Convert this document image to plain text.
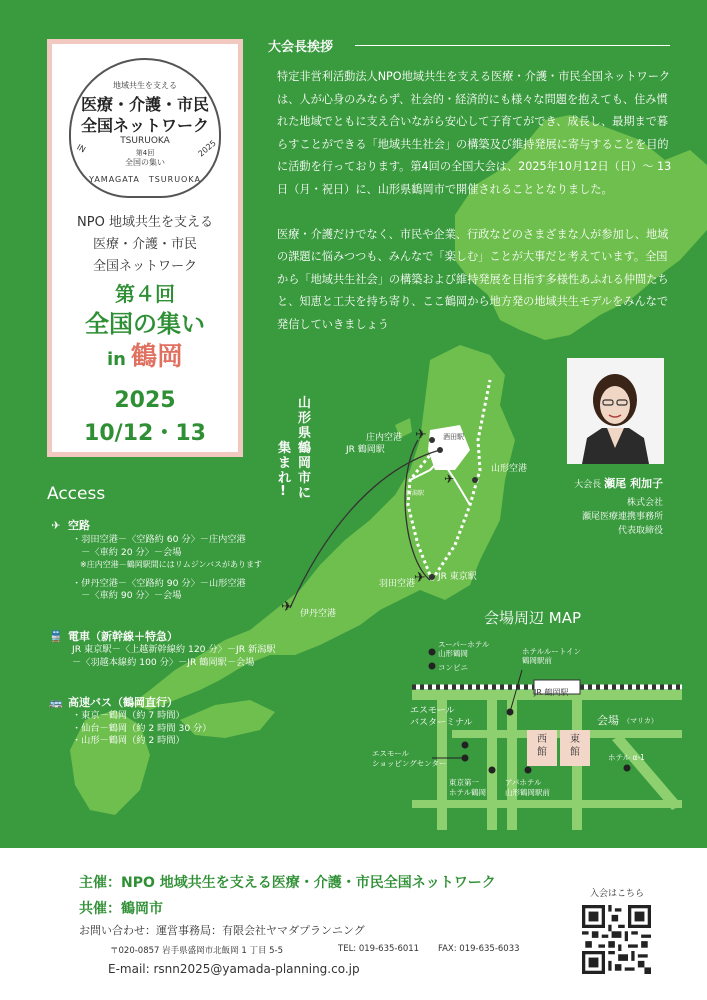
✈
✈
✈
✈
庄内空港
JR 鶴岡駅
山形空港
羽田空港
JR 東京駅
伊丹空港
酒田駅
新潟駅
地域共生を支える
医療・介護・市民
全国ネットワーク
TSURUOKA
第4回
全国の集い
IN	2025
YAMAGATA　TSURUOKA
NPO 地域共生を支える
医療・介護・市民
全国ネットワーク
第４回
全国の集い
in 鶴岡
2025
10/12・13
大会長挨拶

特定非営利活動法人NPO地域共生を支える医療・介護・市民全国ネットワークは、人が心身のみならず、社会的・経済的にも様々な問題を抱えても、住み慣れた地域でともに支え合いながら安心して子育てができ、成長し、最期まで暮らすことができる「地域共生社会」の構築及び維持発展に寄与することを目的に活動を行っております。第4回の全国大会は、2025年10月12日（日）～ 13 日（月・祝日）に、山形県鶴岡市で開催されることとなりました。

医療・介護だけでなく、市民や企業、行政などのさまざまな人が参加し、地域の課題に悩みつつも、みんなで「楽しむ」ことが大事だと考えています。全国から「地域共生社会」の構築および維持発展を目指す多様性あふれる仲間たちと、知恵と工夫を持ち寄り、ここ鶴岡から地方発の地域共生モデルをみんなで発信していきましょう

大会長 瀬尾 利加子
株式会社
瀬尾医療連携事務所
代表取締役
山
形
県
鶴
岡
市
に
集
ま
れ
!
Access
✈ 空路
・羽田空港－〈空路約 60 分〉－庄内空港
　－〈車約 20 分〉－会場
　※庄内空港－鶴岡駅間にはリムジンバスがあります
・伊丹空港－〈空路約 90 分〉－山形空港
　－〈車約 90 分〉－会場
🚆 電車（新幹線＋特急）
JR 東京駅－〈上越新幹線約 120 分〉－JR 新潟駅
－〈羽越本線約 100 分〉－JR 鶴岡駅－会場
🚌 高速バス（鶴岡直行）
・東京－鶴岡（約 7 時間）
・仙台－鶴岡（約 2 時間 30 分）
・山形－鶴岡（約 2 時間）
会場周辺 MAP
JR 鶴岡駅
スーパーホテル
山形鶴岡
コンビニ
ホテルルートイン
鶴岡駅前
エスモール
バスターミナル
エスモール
ショッピングセンター
東京第一
ホテル鶴岡
アパホテル
山形鶴岡駅前
会場 （マリカ）
西
館
東
館	ホテル α-1
主催：NPO 地域共生を支える医療・介護・市民全国ネットワーク
共催：鶴岡市
お問い合わせ：運営事務局：有限会社ヤマダプランニング
〒020-0857 岩手県盛岡市北飯岡 1 丁目 5-5	TEL: 019-635-6011 FAX: 019-635-6033
E-mail: rsnn2025@yamada-planning.co.jp
入会はこちら
